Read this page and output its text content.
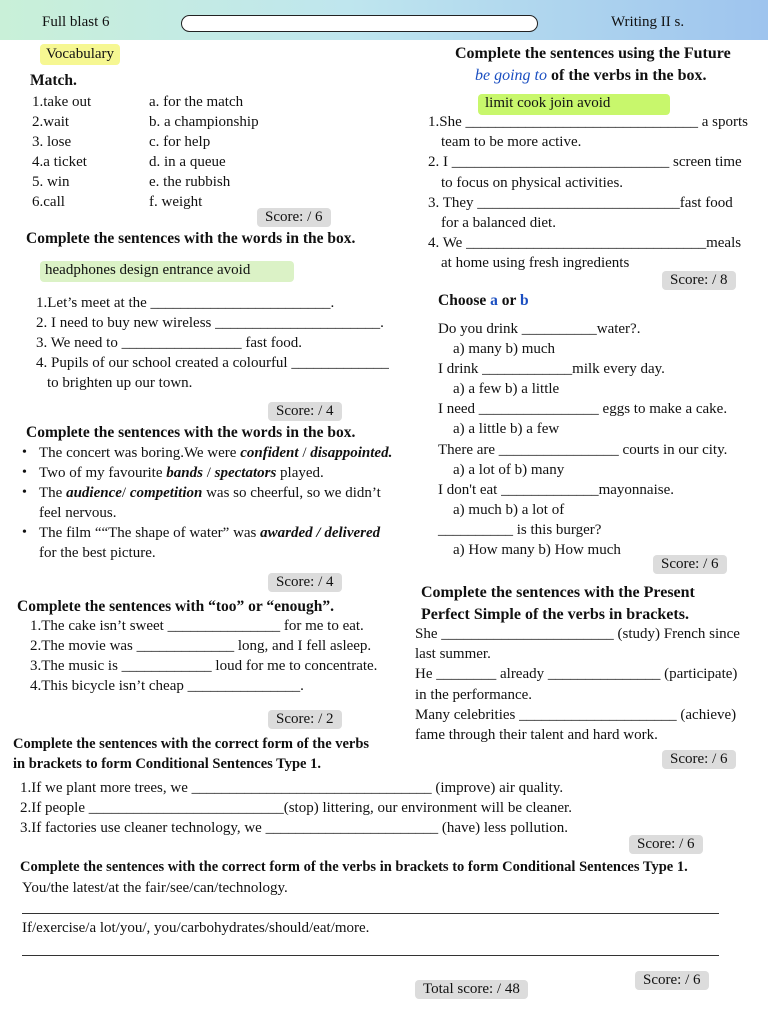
Full blast 6	Writing II s.
Vocabulary
Match.
1.take out
2.wait
3. lose
4.a ticket
5. win
6.call
a. for the match
b. a championship
c. for help
d. in a queue
e. the rubbish
f. weight
Score: / 6
Complete the sentences with the words in the box.
headphones design entrance avoid
1.Let’s meet at the ________________________.
2. I need to buy new wireless ______________________.
3. We need to ________________ fast food.
4. Pupils of our school created a colourful _____________
to brighten up our town.
Score: / 4
Complete the sentences with the words in the box.
• The concert was boring.We were confident / disappointed.
• Two of my favourite bands / spectators played.
• The audience/ competition was so cheerful, so we didn’t
feel nervous.
• The film ““The shape of water” was awarded / delivered
for the best picture.
Score: / 4
Complete the sentences with “too” or “enough”.
1.The cake isn’t sweet _______________ for me to eat.
2.The movie was _____________ long, and I fell asleep.
3.The music is ____________ loud for me to concentrate.
4.This bicycle isn’t cheap _______________.
Score: / 2
Complete the sentences with the correct form of the verbs
in brackets to form Conditional Sentences Type 1.
1.If we plant more trees, we ________________________________ (improve) air quality.
2.If people __________________________(stop) littering, our environment will be cleaner.
3.If factories use cleaner technology, we _______________________ (have) less pollution.
Score: / 6
Complete the sentences with the correct form of the verbs in brackets to form Conditional Sentences Type 1.
You/the latest/at the fair/see/can/technology.
If/exercise/a lot/you/, you/carbohydrates/should/eat/more.
Score: / 6
Total score: / 48
Complete the sentences using the Future
be going to of the verbs in the box.
limit cook join avoid
1.She _______________________________ a sports
team to be more active.
2. I _____________________________ screen time
to focus on physical activities.
3. They ___________________________fast food
for a balanced diet.
4. We ________________________________meals
at home using fresh ingredients
Score: / 8
Choose a or b
Do you drink __________water?.
a) many b) much
I drink ____________milk every day.
a) a few b) a little
I need ________________ eggs to make a cake.
a) a little b) a few
There are ________________ courts in our city.
a) a lot of b) many
I don't eat _____________mayonnaise.
a) much b) a lot of
__________ is this burger?
a) How many b) How much
Score: / 6
Complete the sentences with the Present
Perfect Simple of the verbs in brackets.
She _______________________ (study) French since
last summer.
He ________ already _______________ (participate)
in the performance.
Many celebrities _____________________ (achieve)
fame through their talent and hard work.
Score: / 6
